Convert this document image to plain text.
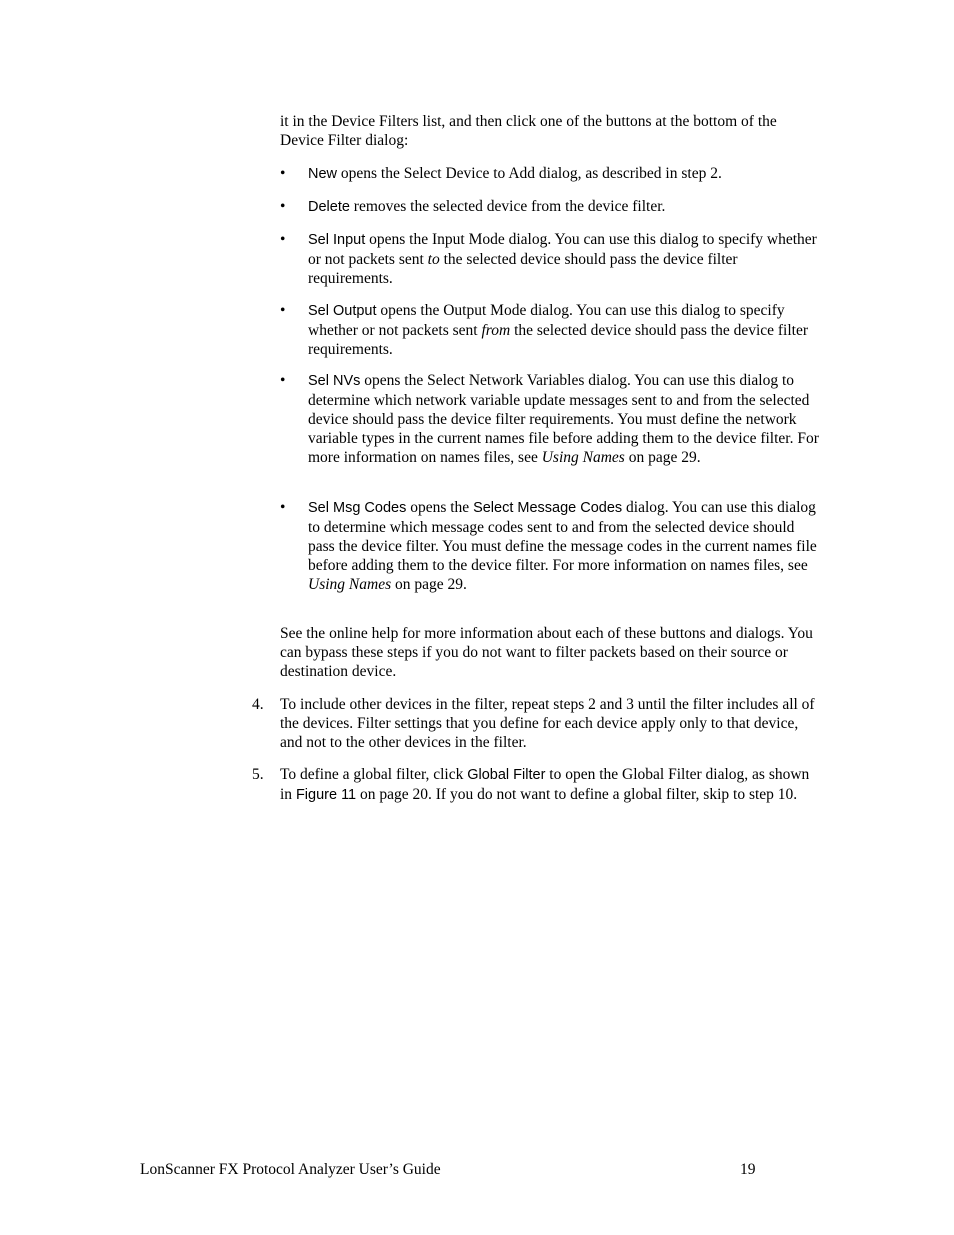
it in the Device Filters list, and then click one of the buttons at the bottom of the Device Filter dialog:

•	New opens the Select Device to Add dialog, as described in step 2.

•	Delete removes the selected device from the device filter.

•	Sel Input opens the Input Mode dialog. You can use this dialog to specify whether or not packets sent to the selected device should pass the device filter requirements.

•	Sel Output opens the Output Mode dialog. You can use this dialog to specify whether or not packets sent from the selected device should pass the device filter requirements.

•	Sel NVs opens the Select Network Variables dialog. You can use this dialog to determine which network variable update messages sent to and from the selected device should pass the device filter requirements. You must define the network variable types in the current names file before adding them to the device filter. For more information on names files, see Using Names on page 29.

•	Sel Msg Codes opens the Select Message Codes dialog. You can use this dialog to determine which message codes sent to and from the selected device should pass the device filter. You must define the message codes in the current names file before adding them to the device filter. For more information on names files, see Using Names on page 29.

See the online help for more information about each of these buttons and dialogs. You can bypass these steps if you do not want to filter packets based on their source or destination device.

4.	To include other devices in the filter, repeat steps 2 and 3 until the filter includes all of the devices. Filter settings that you define for each device apply only to that device, and not to the other devices in the filter.

5.	To define a global filter, click Global Filter to open the Global Filter dialog, as shown in Figure 11 on page 20. If you do not want to define a global filter, skip to step 10.

LonScanner FX Protocol Analyzer User’s Guide	19
